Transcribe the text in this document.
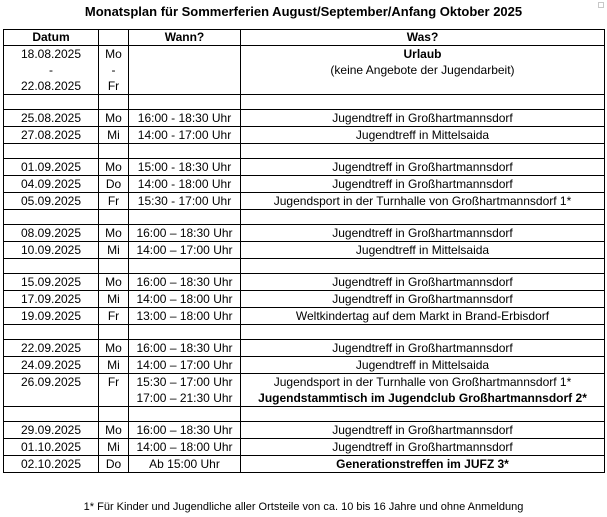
Monatsplan für Sommerferien August/September/Anfang Oktober 2025
Datum		Wann?	Was?
18.08.2025	Mo		Urlaub
-	-		(keine Angebote der Jugendarbeit)
22.08.2025	Fr		

25.08.2025	Mo	16:00 - 18:30 Uhr	Jugendtreff in Großhartmannsdorf
27.08.2025	Mi	14:00 - 17:00 Uhr	Jugendtreff in Mittelsaida

01.09.2025	Mo	15:00 - 18:30 Uhr	Jugendtreff in Großhartmannsdorf
04.09.2025	Do	14:00 - 18:00 Uhr	Jugendtreff in Großhartmannsdorf
05.09.2025	Fr	15:30 - 17:00 Uhr	Jugendsport in der Turnhalle von Großhartmannsdorf 1*

08.09.2025	Mo	16:00 – 18:30 Uhr	Jugendtreff in Großhartmannsdorf
10.09.2025	Mi	14:00 – 17:00 Uhr	Jugendtreff in Mittelsaida

15.09.2025	Mo	16:00 – 18:30 Uhr	Jugendtreff in Großhartmannsdorf
17.09.2025	Mi	14:00 – 18:00 Uhr	Jugendtreff in Großhartmannsdorf
19.09.2025	Fr	13:00 – 18:00 Uhr	Weltkindertag auf dem Markt in Brand-Erbisdorf

22.09.2025	Mo	16:00 – 18:30 Uhr	Jugendtreff in Großhartmannsdorf
24.09.2025	Mi	14:00 – 17:00 Uhr	Jugendtreff in Mittelsaida
26.09.2025	Fr	15:30 – 17:00 Uhr	Jugendsport in der Turnhalle von Großhartmannsdorf 1*
		17:00 – 21:30 Uhr	Jugendstammtisch im Jugendclub Großhartmannsdorf 2*

29.09.2025	Mo	16:00 – 18:30 Uhr	Jugendtreff in Großhartmannsdorf
01.10.2025	Mi	14:00 – 18:00 Uhr	Jugendtreff in Großhartmannsdorf
02.10.2025	Do	Ab 15:00 Uhr	Generationstreffen im JUFZ 3*
1* Für Kinder und Jugendliche aller Ortsteile von ca. 10 bis 16 Jahre und ohne Anmeldung
